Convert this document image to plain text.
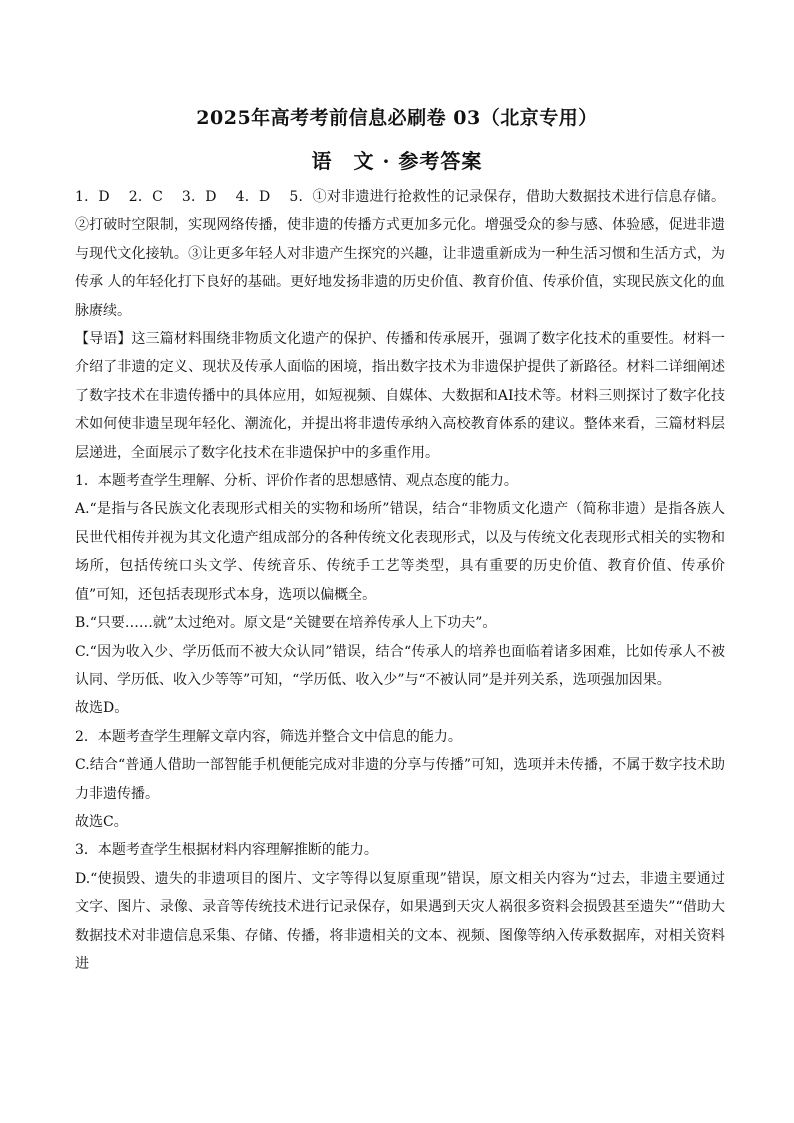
2025年高考考前信息必刷卷 03（北京专用）
语　文 · 参考答案

1．D　 2．C　 3．D　 4．D　 5．①对非遗进行抢救性的记录保存，借助大数据技术进行信息存储。②打破时空限制，实现网络传播，使非遗的传播方式更加多元化。增强受众的参与感、体验感，促进非遗与现代文化接轨。③让更多年轻人对非遗产生探究的兴趣，让非遗重新成为一种生活习惯和生活方式，为传承 人的年轻化打下良好的基础。更好地发扬非遗的历史价值、教育价值、传承价值，实现民族文化的血脉赓续。

【导语】这三篇材料围绕非物质文化遗产的保护、传播和传承展开，强调了数字化技术的重要性。材料一介绍了非遗的定义、现状及传承人面临的困境，指出数字技术为非遗保护提供了新路径。材料二详细阐述了数字技术在非遗传播中的具体应用，如短视频、自媒体、大数据和AI技术等。材料三则探讨了数字化技术如何使非遗呈现年轻化、潮流化，并提出将非遗传承纳入高校教育体系的建议。整体来看，三篇材料层层递进，全面展示了数字化技术在非遗保护中的多重作用。

1．本题考查学生理解、分析、评价作者的思想感情、观点态度的能力。

A.“是指与各民族文化表现形式相关的实物和场所”错误，结合“非物质文化遗产（简称非遗）是指各族人民世代相传并视为其文化遗产组成部分的各种传统文化表现形式，以及与传统文化表现形式相关的实物和场所，包括传统口头文学、传统音乐、传统手工艺等类型，具有重要的历史价值、教育价值、传承价值”可知，还包括表现形式本身，选项以偏概全。

B.“只要……就”太过绝对。原文是“关键要在培养传承人上下功夫”。

C.“因为收入少、学历低而不被大众认同”错误，结合“传承人的培养也面临着诸多困难，比如传承人不被认同、学历低、收入少等等”可知，“学历低、收入少”与“不被认同”是并列关系，选项强加因果。

故选D。

2．本题考查学生理解文章内容，筛选并整合文中信息的能力。

C.结合“普通人借助一部智能手机便能完成对非遗的分享与传播”可知，选项并未传播，不属于数字技术助力非遗传播。

故选C。

3．本题考查学生根据材料内容理解推断的能力。

D.“使损毁、遗失的非遗项目的图片、文字等得以复原重现”错误，原文相关内容为“过去，非遗主要通过文字、图片、录像、录音等传统技术进行记录保存，如果遇到天灾人祸很多资料会损毁甚至遗失”“借助大数据技术对非遗信息采集、存储、传播，将非遗相关的文本、视频、图像等纳入传承数据库，对相关资料进
